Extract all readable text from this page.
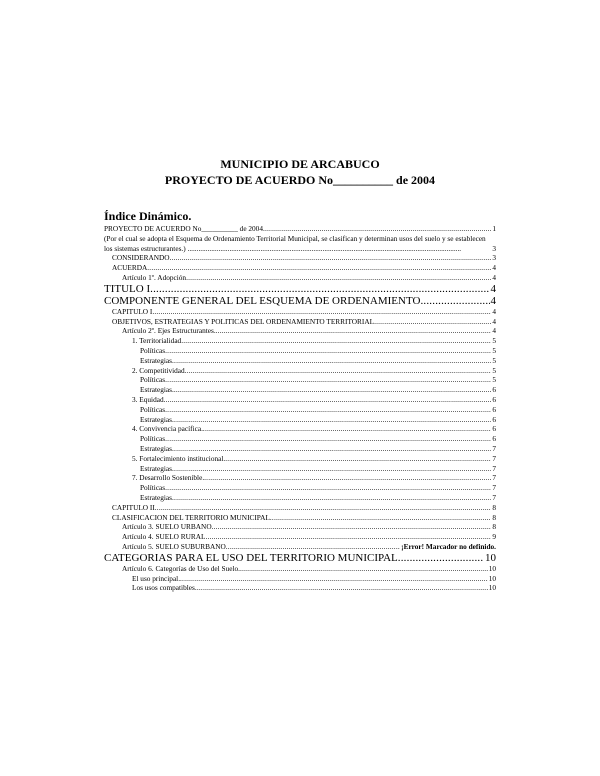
MUNICIPIO DE ARCABUCO
PROYECTO DE ACUERDO No__________ de 2004
Índice Dinámico.
PROYECTO DE ACUERDO No__________ de 2004 .....	1
(Por el cual se adopta el Esquema de Ordenamiento Territorial Municipal, se clasifican y determinan usos del suelo y se establecen los sistemas estructurantes.) ......................................................................................................................................................	3
CONSIDERANDO .....	3
ACUERDA .....	4
Artículo 1º. Adopción .....	4
TITULO I .....	4
COMPONENTE GENERAL DEL ESQUEMA DE ORDENAMIENTO .....	4
CAPITULO I .....	4
OBJETIVOS, ESTRATEGIAS Y POLITICAS DEL ORDENAMIENTO TERRITORIAL .....	4
Artículo 2º. Ejes Estructurantes. .....	4
1. Territorialidad .....	5
Políticas .....	5
Estrategias .....	5
2. Competitividad .....	5
Políticas .....	5
Estrategias. .....	6
3. Equidad .....	6
Políticas .....	6
Estrategias .....	6
4. Convivencia pacífica. .....	6
Políticas .....	6
Estrategias .....	7
5. Fortalecimiento institucional. .....	7
Estrategias .....	7
7. Desarrollo Sostenible. .....	7
Políticas .....	7
Estrategias .....	7
CAPITULO II .....	8
CLASIFICACION DEL TERRITORIO MUNICIPAL .....	8
Artículo 3. SUELO URBANO .....	8
Artículo 4. SUELO RURAL .....	9
Artículo 5. SUELO SUBURBANO .....	¡Error! Marcador no definido.
CATEGORIAS PARA EL USO DEL TERRITORIO MUNICIPAL .....	10
Artículo 6. Categorías de Uso del Suelo. .....	10
El uso principal. .....	10
Los usos compatibles .....	10
